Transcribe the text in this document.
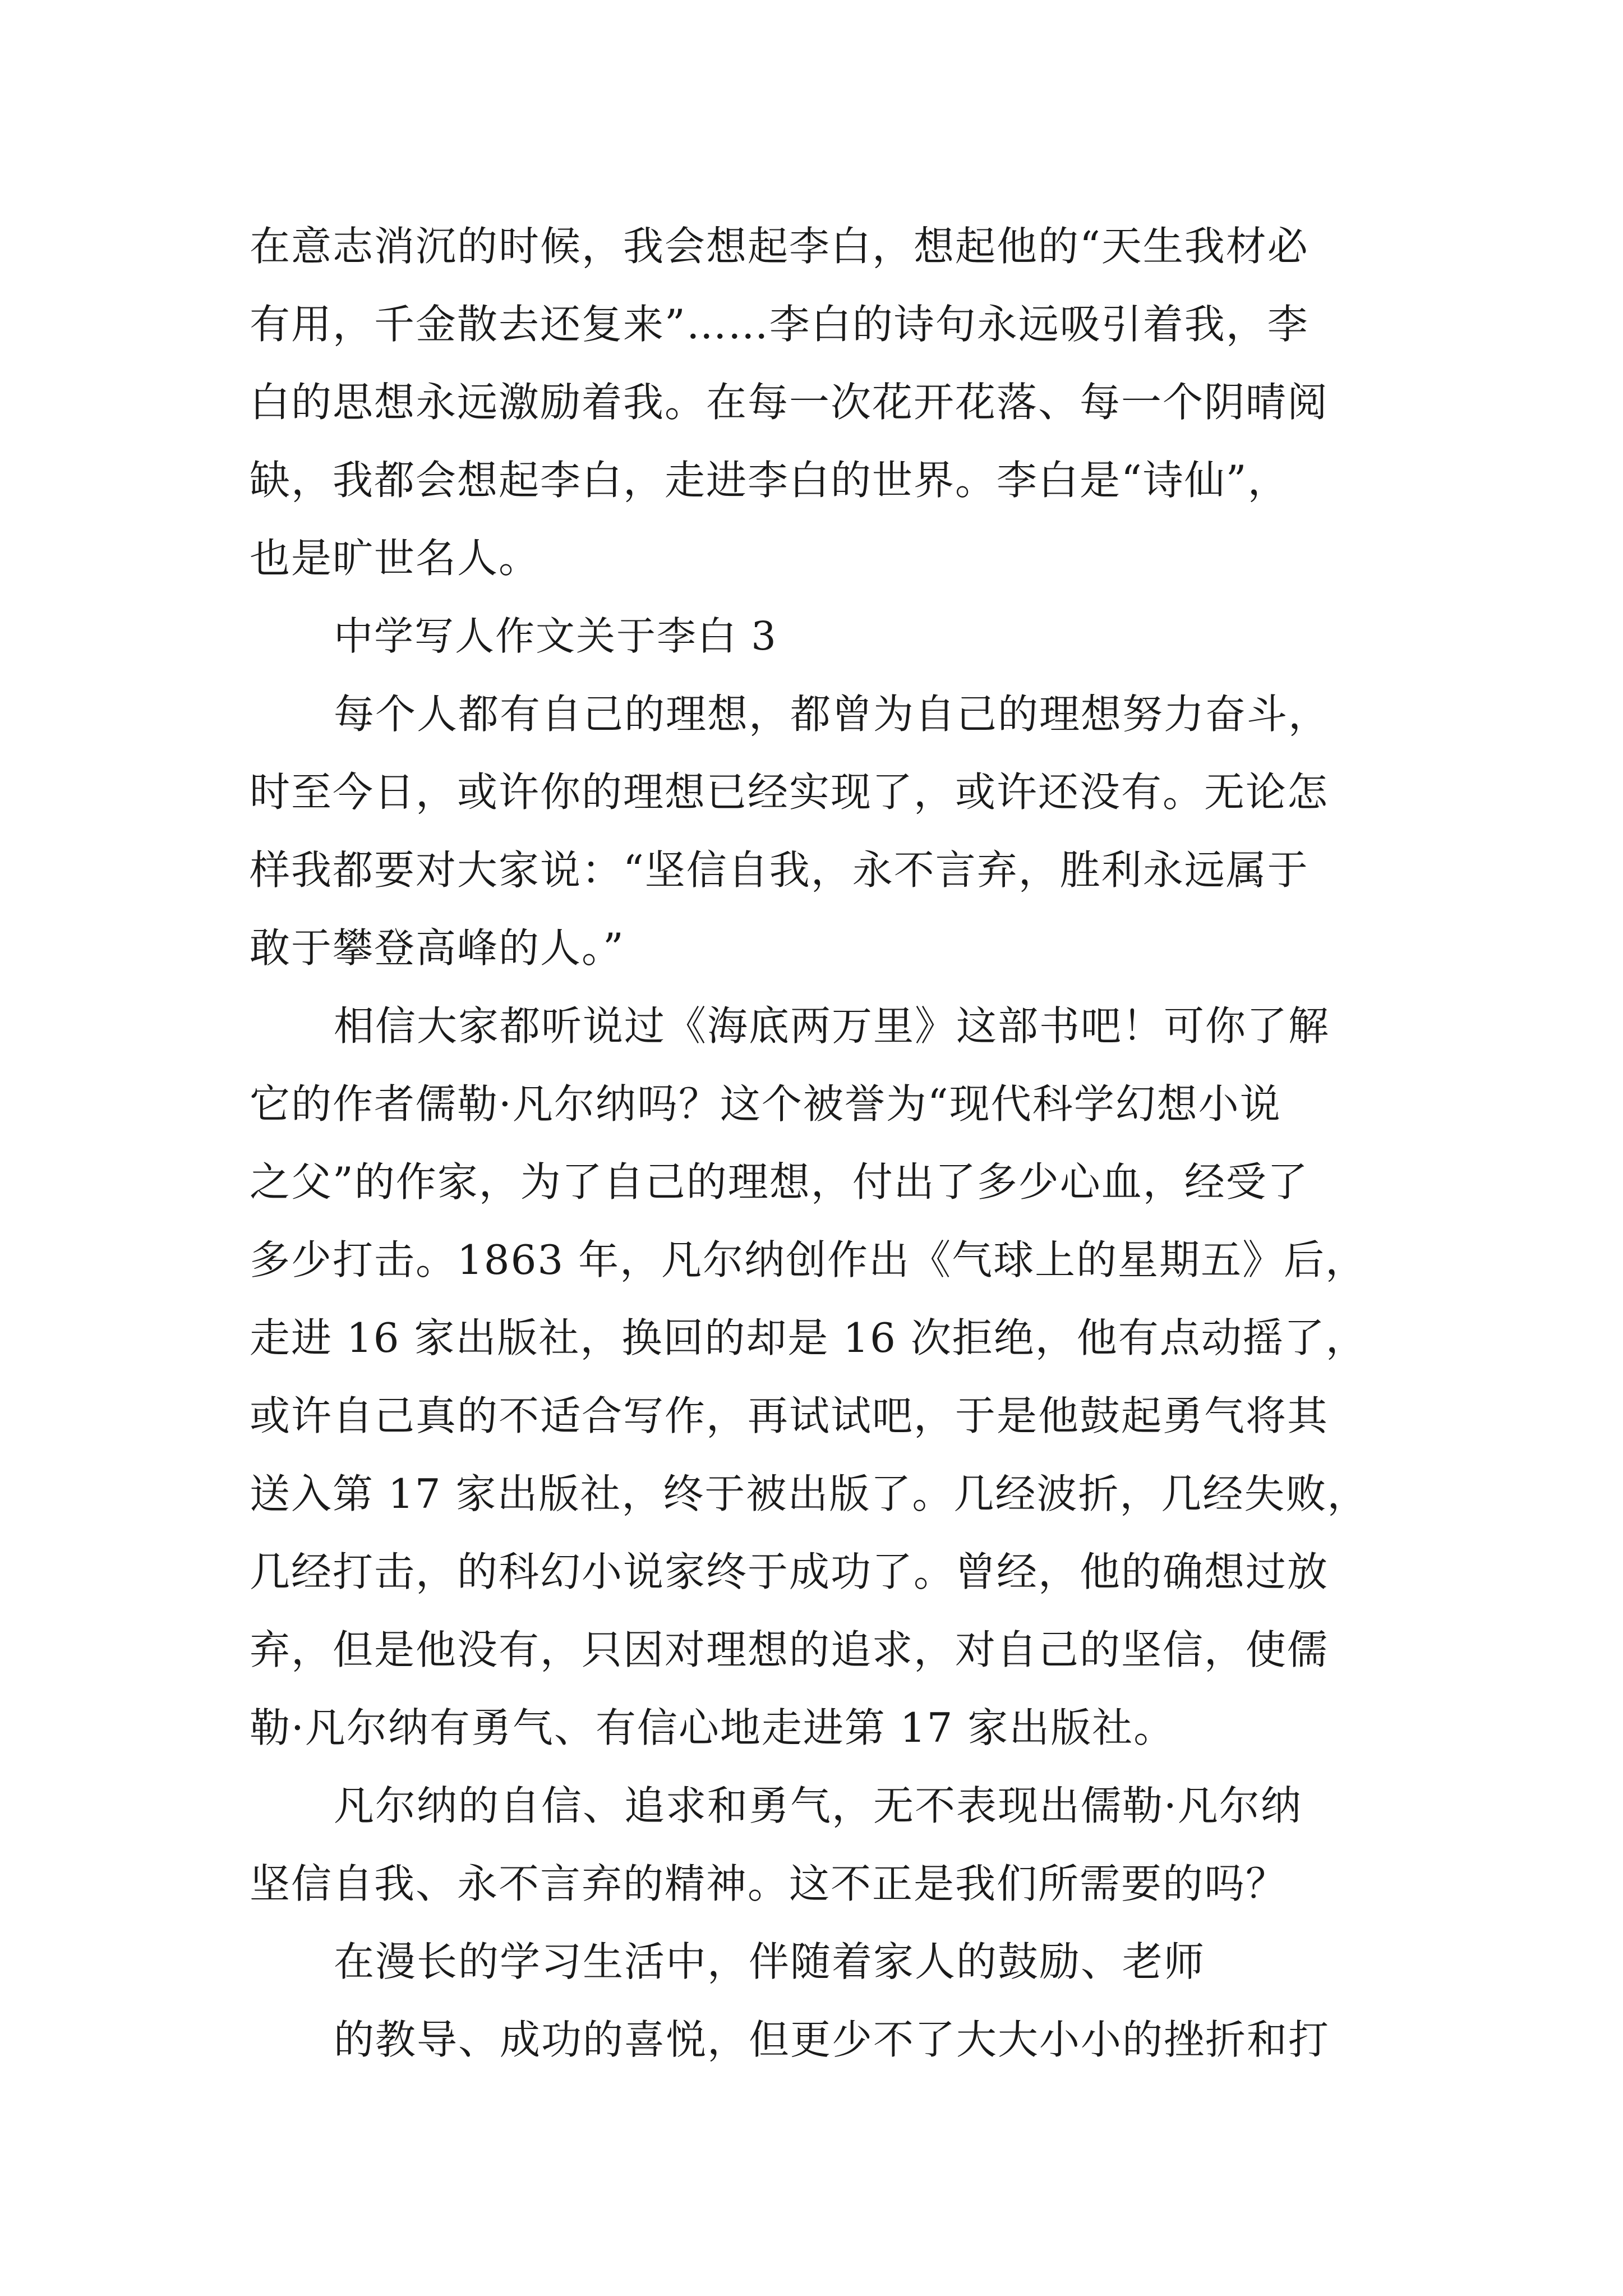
在意志消沉的时候，我会想起李白，想起他的“天生我材必
有用，千金散去还复来”……李白的诗句永远吸引着我，李
白的思想永远激励着我。在每一次花开花落、每一个阴晴阅
缺，我都会想起李白，走进李白的世界。李白是“诗仙”，
也是旷世名人。
中学写人作文关于李白 3
每个人都有自己的理想，都曾为自己的理想努力奋斗，
时至今日，或许你的理想已经实现了，或许还没有。无论怎
样我都要对大家说：“坚信自我，永不言弃，胜利永远属于
敢于攀登高峰的人。”
相信大家都听说过《海底两万里》这部书吧！可你了解
它的作者儒勒·凡尔纳吗？这个被誉为“现代科学幻想小说
之父”的作家，为了自己的理想，付出了多少心血，经受了
多少打击。1863 年，凡尔纳创作出《气球上的星期五》后，
走进 16 家出版社，换回的却是 16 次拒绝，他有点动摇了，
或许自己真的不适合写作，再试试吧，于是他鼓起勇气将其
送入第 17 家出版社，终于被出版了。几经波折，几经失败，
几经打击，的科幻小说家终于成功了。曾经，他的确想过放
弃，但是他没有，只因对理想的追求，对自己的坚信，使儒
勒·凡尔纳有勇气、有信心地走进第 17 家出版社。
凡尔纳的自信、追求和勇气，无不表现出儒勒·凡尔纳
坚信自我、永不言弃的精神。这不正是我们所需要的吗？
在漫长的学习生活中，伴随着家人的鼓励、老师
的教导、成功的喜悦，但更少不了大大小小的挫折和打
